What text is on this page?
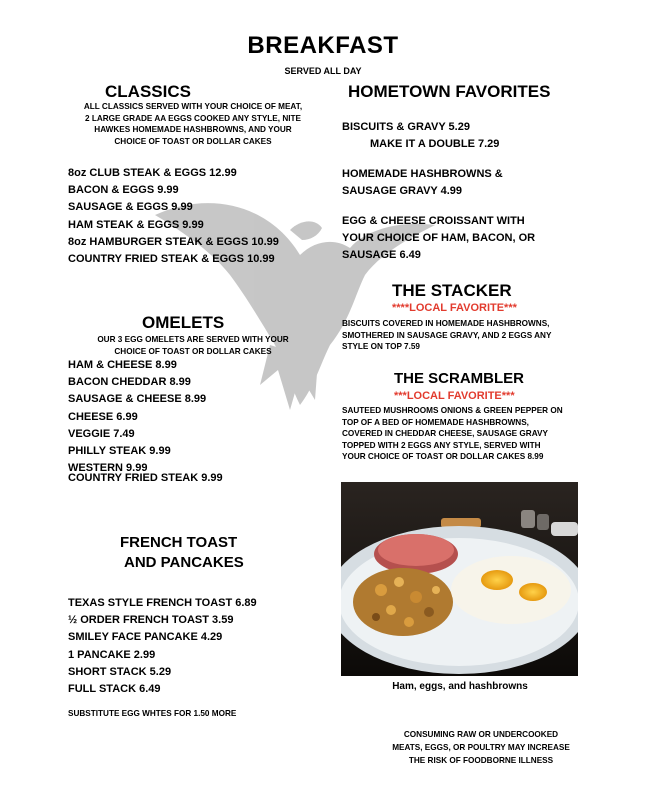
BREAKFAST
SERVED ALL DAY
CLASSICS
ALL CLASSICS SERVED WITH YOUR CHOICE OF MEAT,
2 LARGE GRADE AA EGGS COOKED ANY STYLE, NITE
HAWKES HOMEMADE HASHBROWNS, AND YOUR
CHOICE OF TOAST OR DOLLAR CAKES
8oz CLUB STEAK & EGGS 12.99
BACON & EGGS 9.99
SAUSAGE & EGGS 9.99
HAM STEAK & EGGS 9.99
8oz HAMBURGER STEAK & EGGS 10.99
COUNTRY FRIED STEAK & EGGS 10.99
OMELETS
OUR 3 EGG OMELETS ARE SERVED WITH YOUR
CHOICE OF TOAST OR DOLLAR CAKES
HAM & CHEESE 8.99
BACON CHEDDAR 8.99
SAUSAGE & CHEESE 8.99
CHEESE 6.99
VEGGIE 7.49
PHILLY STEAK 9.99
WESTERN 9.99
COUNTRY FRIED STEAK 9.99
FRENCH TOAST
AND PANCAKES
TEXAS STYLE FRENCH TOAST 6.89
½ ORDER FRENCH TOAST 3.59
SMILEY FACE PANCAKE 4.29
1 PANCAKE 2.99
SHORT STACK 5.29
FULL STACK 6.49
SUBSTITUTE EGG WHTES FOR 1.50 MORE
HOMETOWN FAVORITES
BISCUITS & GRAVY 5.29
MAKE IT A DOUBLE 7.29
HOMEMADE HASHBROWNS &
SAUSAGE GRAVY 4.99
EGG & CHEESE CROISSANT WITH
YOUR CHOICE OF HAM, BACON, OR
SAUSAGE 6.49
THE STACKER
****LOCAL FAVORITE***
BISCUITS COVERED IN HOMEMADE HASHBROWNS,
SMOTHERED IN SAUSAGE GRAVY, AND 2 EGGS ANY
STYLE ON TOP 7.59
THE SCRAMBLER
***LOCAL FAVORITE***
SAUTEED MUSHROOMS ONIONS & GREEN PEPPER ON
TOP OF A BED OF HOMEMADE HASHBROWNS,
COVERED IN CHEDDAR CHEESE, SAUSAGE GRAVY
TOPPED WITH 2 EGGS ANY STYLE, SERVED WITH
YOUR CHOICE OF TOAST OR DOLLAR CAKES 8.99
Ham, eggs, and hashbrowns
CONSUMING RAW OR UNDERCOOKED
MEATS, EGGS, OR POULTRY MAY INCREASE
THE RISK OF FOODBORNE ILLNESS
